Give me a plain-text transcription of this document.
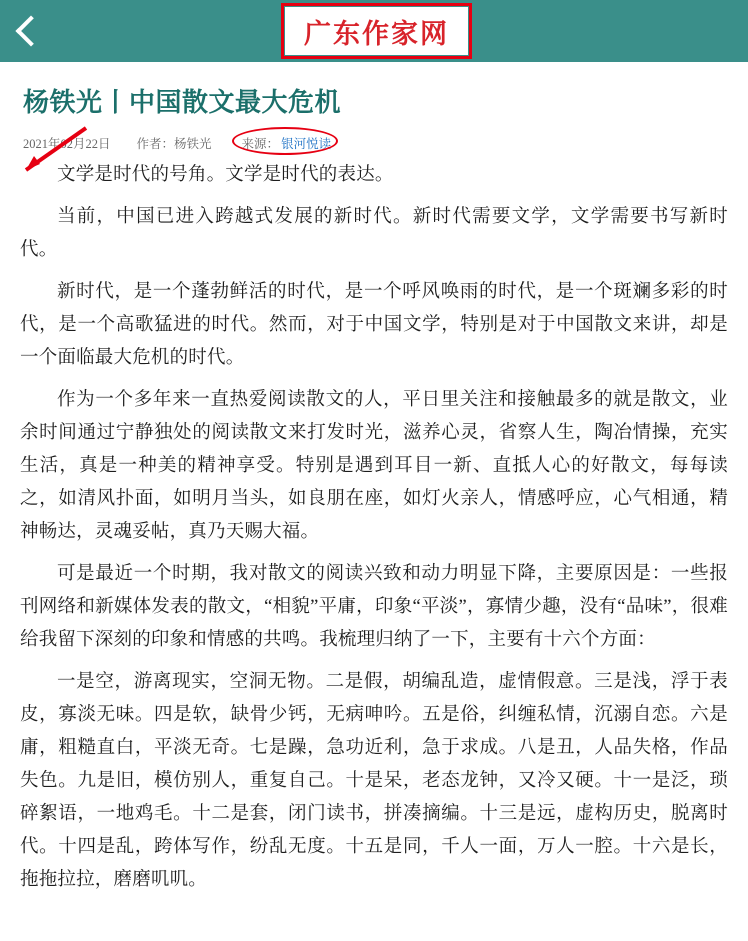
广东作家网
杨铁光丨中国散文最大危机
2021年02月22日 作者：杨铁光 来源： 银河悦读

文学是时代的号角。文学是时代的表达。

当前，中国已进入跨越式发展的新时代。新时代需要文学，文学需要书写新时代。

新时代，是一个蓬勃鲜活的时代，是一个呼风唤雨的时代，是一个斑斓多彩的时代，是一个高歌猛进的时代。然而，对于中国文学，特别是对于中国散文来讲，却是一个面临最大危机的时代。

作为一个多年来一直热爱阅读散文的人，平日里关注和接触最多的就是散文，业余时间通过宁静独处的阅读散文来打发时光，滋养心灵，省察人生，陶冶情操，充实生活，真是一种美的精神享受。特别是遇到耳目一新、直抵人心的好散文，每每读之，如清风扑面，如明月当头，如良朋在座，如灯火亲人，情感呼应，心气相通，精神畅达，灵魂妥帖，真乃天赐大福。

可是最近一个时期，我对散文的阅读兴致和动力明显下降，主要原因是：一些报刊网络和新媒体发表的散文，“相貌”平庸，印象“平淡”，寡情少趣，没有“品味”，很难给我留下深刻的印象和情感的共鸣。我梳理归纳了一下，主要有十六个方面：

一是空，游离现实，空洞无物。二是假，胡编乱造，虚情假意。三是浅，浮于表皮，寡淡无味。四是软，缺骨少钙，无病呻吟。五是俗，纠缠私情，沉溺自恋。六是庸，粗糙直白，平淡无奇。七是躁，急功近利，急于求成。八是丑，人品失格，作品失色。九是旧，模仿别人，重复自己。十是呆，老态龙钟，又冷又硬。十一是泛，琐碎絮语，一地鸡毛。十二是套，闭门读书，拼凑摘编。十三是远，虚构历史，脱离时代。十四是乱，跨体写作，纷乱无度。十五是同，千人一面，万人一腔。十六是长，拖拖拉拉，磨磨叽叽。
